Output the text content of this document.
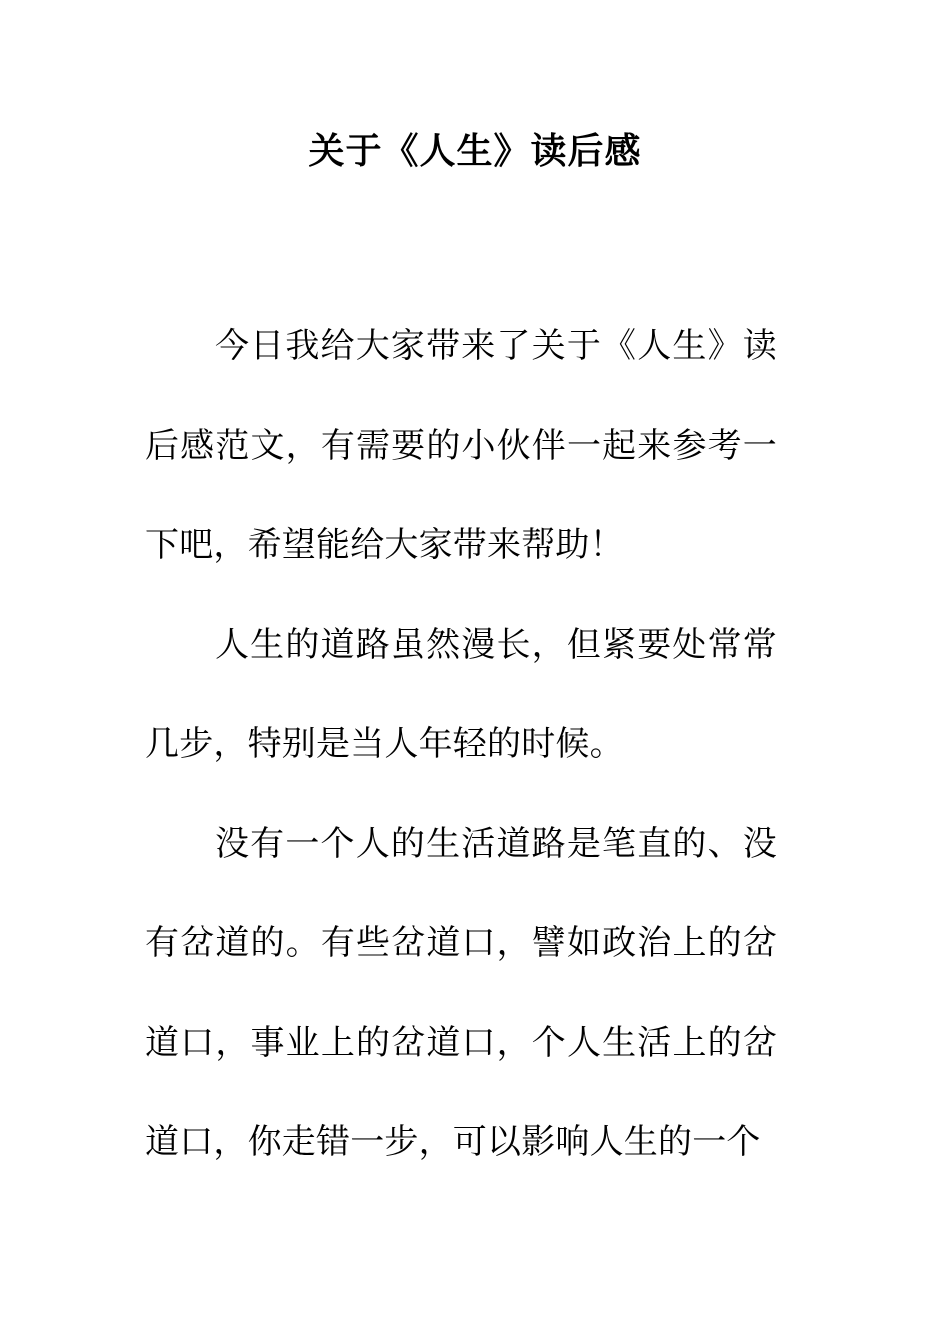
关于《人生》读后感

今日我给大家带来了关于《人生》读后感范文，有需要的小伙伴一起来参考一下吧，希望能给大家带来帮助！

人生的道路虽然漫长，但紧要处常常几步，特别是当人年轻的时候。

没有一个人的生活道路是笔直的、没有岔道的。有些岔道口，譬如政治上的岔道口，事业上的岔道口，个人生活上的岔道口，你走错一步，可以影响人生的一个
